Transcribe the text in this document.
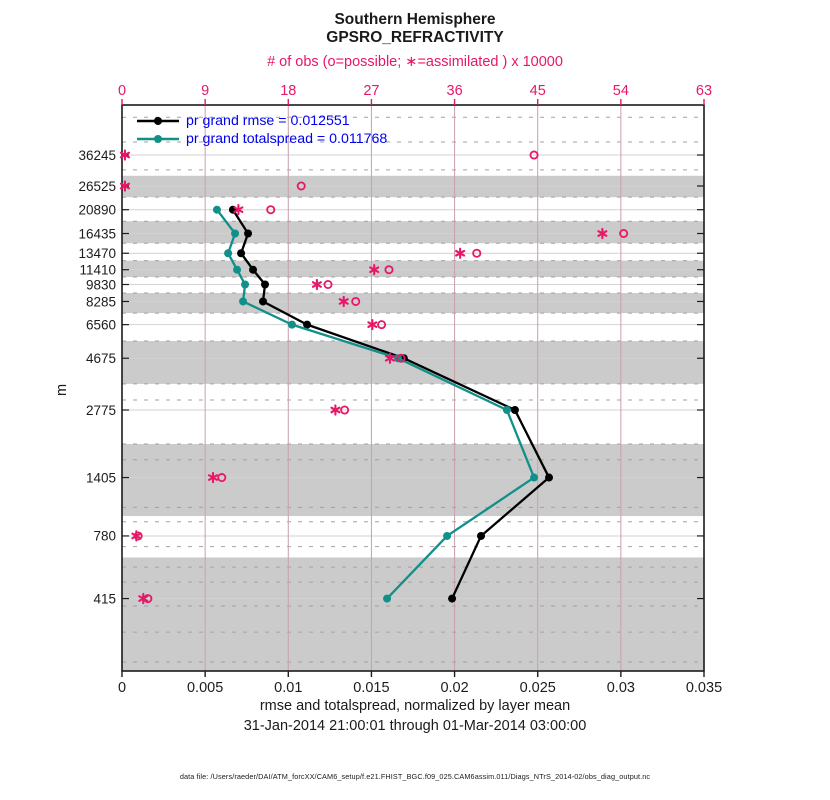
Southern Hemisphere
GPSRO_REFRACTIVITY
# of obs (o=possible; ∗=assimilated ) x 10000
0	9	18	27	36	45	54	63
0	0.005	0.01	0.015	0.02	0.025	0.03	0.035
36245
26525
20890
16435
13470
11410
9830
8285
6560
4675
2775
1405
780
415
m
pr grand rmse = 0.012551
pr grand totalspread = 0.011768
rmse and totalspread, normalized by layer mean
31-Jan-2014 21:00:01 through 01-Mar-2014 03:00:00
data file: /Users/raeder/DAI/ATM_forcXX/CAM6_setup/f.e21.FHIST_BGC.f09_025.CAM6assim.011/Diags_NTrS_2014-02/obs_diag_output.nc
